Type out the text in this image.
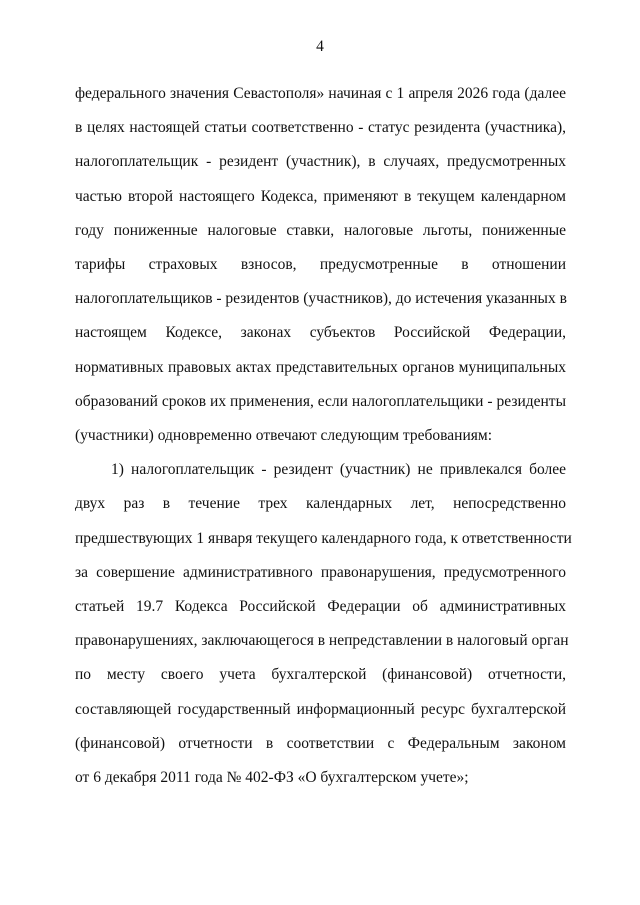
4
федерального значения Севастополя» начиная с 1 апреля 2026 года (далее
в целях настоящей статьи соответственно - статус резидента (участника),
налогоплательщик - резидент (участник), в случаях, предусмотренных
частью второй настоящего Кодекса, применяют в текущем календарном
году пониженные налоговые ставки, налоговые льготы, пониженные
тарифы страховых взносов, предусмотренные в отношении
налогоплательщиков - резидентов (участников), до истечения указанных в
настоящем Кодексе, законах субъектов Российской Федерации,
нормативных правовых актах представительных органов муниципальных
образований сроков их применения, если налогоплательщики - резиденты
(участники) одновременно отвечают следующим требованиям:
1) налогоплательщик - резидент (участник) не привлекался более
двух раз в течение трех календарных лет, непосредственно
предшествующих 1 января текущего календарного года, к ответственности
за совершение административного правонарушения, предусмотренного
статьей 19.7 Кодекса Российской Федерации об административных
правонарушениях, заключающегося в непредставлении в налоговый орган
по месту своего учета бухгалтерской (финансовой) отчетности,
составляющей государственный информационный ресурс бухгалтерской
(финансовой) отчетности в соответствии с Федеральным законом
от 6 декабря 2011 года № 402-ФЗ «О бухгалтерском учете»;
